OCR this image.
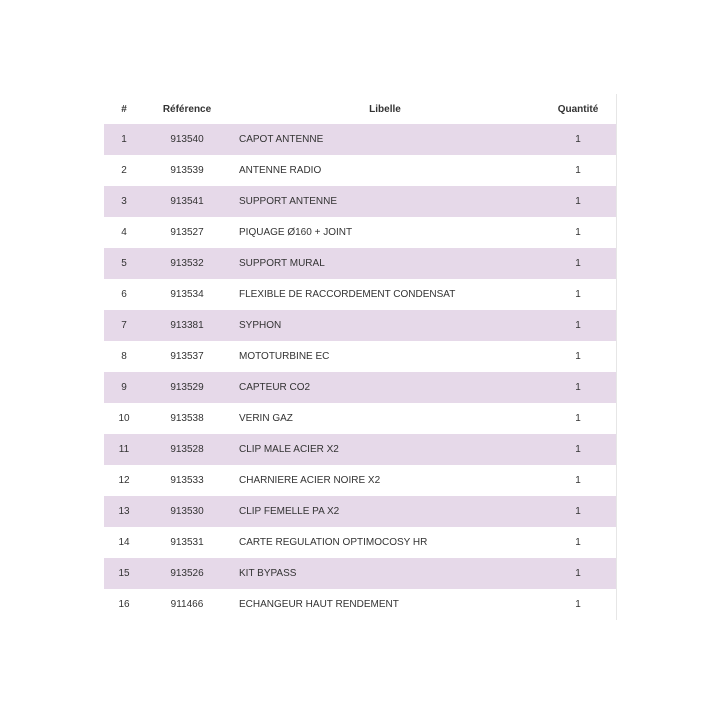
#	Référence	Libelle	Quantité
1	913540	CAPOT ANTENNE	1
2	913539	ANTENNE RADIO	1
3	913541	SUPPORT ANTENNE	1
4	913527	PIQUAGE Ø160 + JOINT	1
5	913532	SUPPORT MURAL	1
6	913534	FLEXIBLE DE RACCORDEMENT CONDENSAT	1
7	913381	SYPHON	1
8	913537	MOTOTURBINE EC	1
9	913529	CAPTEUR CO2	1
10	913538	VERIN GAZ	1
11	913528	CLIP MALE ACIER X2	1
12	913533	CHARNIERE ACIER NOIRE X2	1
13	913530	CLIP FEMELLE PA X2	1
14	913531	CARTE REGULATION OPTIMOCOSY HR	1
15	913526	KIT BYPASS	1
16	911466	ECHANGEUR HAUT RENDEMENT	1
